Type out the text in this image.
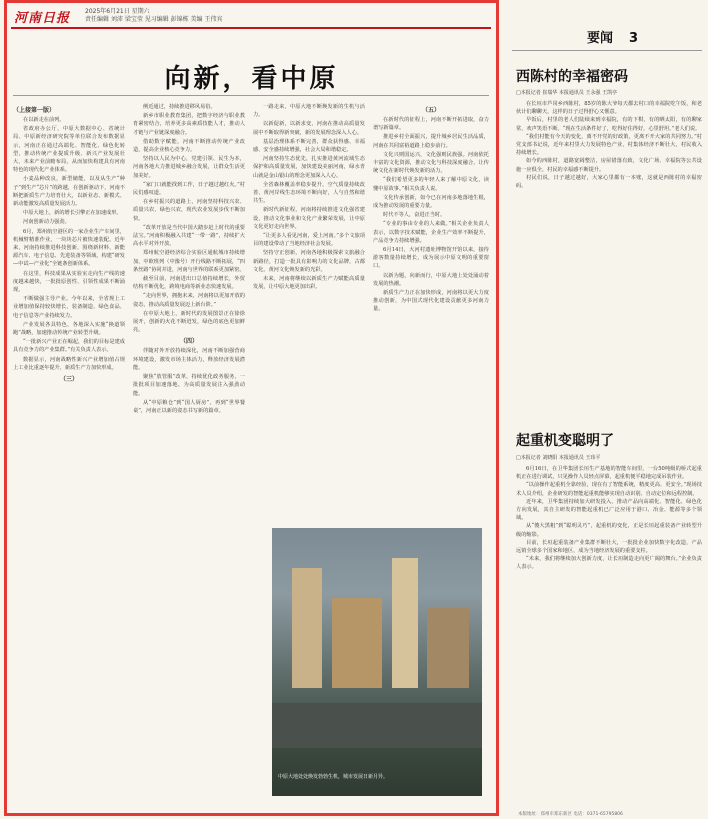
河南日报 2025年6月21日 星期六
责任编辑 刘沛 梁宝莹 见习编辑 彭锦栋 美编 王伟宾
向新，看中原
（上接第一版）

在以新走在前列。

省政府办公厅、中原大数据中心、省统计局、中原新经济研究院等单位联合发布数据显示，河南正在通过高端化、智能化、绿色化转型，推动传统产业提质升级、新兴产业发展壮大、未来产业前瞻布局，从而加快构建具有河南特色的现代化产业体系。

小麦品种改良，新型储能，以及从生产“种子”到生产“芯片”的跨越，在创新驱动下，河南不断把新质生产力培育壮大，以新业态、新模式、新动能激发高质量发展活力。

中原大地上，新的增长引擎正在加速成形。

河南创新动力强劲。

6月，郑州航空港区的一家企业生产车间里，机械臂精准作业，一块块芯片被快速装配。近年来，河南持续推进科技创新，围绕新材料、新能源汽车、电子信息、先进装备等领域，构建“研发—中试—产业化”全链条创新体系。

在这里，科技成果从实验室走向生产线的速度越来越快，一批批原创性、引领性成果不断涌现。

不断做强主导产业。今年以来，全省规上工业增加值保持较快增长，装备制造、绿色食品、电子信息等产业持续发力。

产业发展各具特色，各地深入实施“换道领跑”战略，加速推动传统产业转型升级。

“一批新兴产业正在崛起，我们的目标是建成具有竞争力的产业集群。”有关负责人表示。

数据显示，河南战略性新兴产业增加值占规上工业比重逐年提升，新质生产力加快形成。

（三）

例近通过，持续推进移风易俗。

新乡市职业教育集团，把数字经济与职业教育紧密结合，培养更多高素质技能人才，推动人才链与产业链深度融合。

借助数字赋能，河南不断推动传统产业改造，提高企业核心竞争力。

坚持以人民为中心，党建引领、民生为本，河南各地大力推进城乡融合发展，让群众生活更加美好。

“家门口就能找到工作，日子越过越红火。”村民们感叹道。

在乡村振兴的道路上，河南坚持科技兴农、质量兴农、绿色兴农，现代农业发展步伐不断加快。

“改革开放是当代中国大踏步赶上时代的重要法宝。”河南积极融入共建“一带一路”，持续扩大高水平对外开放。

郑州航空港经济综合实验区通航城市持续增加，中欧班列（中豫号）开行线路不断拓展，“四条丝路”协同并进，河南与世界的联系更加紧密。

截至目前，河南进出口总值持续增长，外贸结构不断优化，跨境电商等新业态快速发展。

“走向世界，拥抱未来，河南将以更加开放的姿态，推动高质量发展迈上新台阶。”

在中原大地上，新时代的发展图景正在徐徐展开，创新的火花不断迸发，绿色的底色更加鲜亮。

（四）

伴随对外开放持续深化，河南不断加强营商环境建设，激发市场主体活力，释放经济发展潜能。

聚焦“放管服”改革，持续优化政务服务，一批批项目加速落地，为高质量发展注入强劲动能。

从“中原粮仓”到“国人厨房”，再到“世界餐桌”，河南正以新的姿态书写新的篇章。

一路走来，中原大地不断焕发新的生机与活力。

以新促新，以新求变，河南在推动高质量发展中不断取得新突破，新的发展理念深入人心。

基层治理体系不断完善，群众获得感、幸福感、安全感持续增强，社会大局和谐稳定。

河南坚持生态优先，扎实推进黄河流域生态保护和高质量发展，加快建设美丽河南，绿水青山就是金山银山的理念更加深入人心。

全省森林覆盖率稳步提升，空气质量持续改善，黄河岸线生态环境不断向好，人与自然和谐共生。

新时代新征程，河南将持续推进文化强省建设，推动文化事业和文化产业繁荣发展，让中原文化更好走向世界。

“让更多人看见河南，爱上河南。”多个文旅项目的建设带动了当地经济社会发展。

坚持守正创新，河南各地积极探索文旅融合新路径，打造一批具有影响力的文化品牌，古都文化、黄河文化焕发新的光彩。

未来，河南将继续以新质生产力赋能高质量发展，让中原大地更加出彩。

（五）

在新时代的征程上，河南不断开拓进取，奋力谱写新篇章。

推进乡村全面振兴，提升城乡居民生活品质，河南在共同富裕道路上稳步前行。

文化兴则国运兴，文化强则民族强。河南依托丰富的文化资源，推动文化与科技深度融合，让传统文化在新时代焕发新的活力。

“我们希望更多的年轻人来了解中原文化，读懂中原故事。”相关负责人说。

文化传承创新，如今已在河南多地落地生根，成为推动发展的重要力量。

时代不等人，奋进正当时。

“专业的事由专业的人来做。”相关企业负责人表示，以数字技术赋能，企业生产效率不断提升，产品竞争力持续增强。

6月14日，大河村遗址博物馆开馆以来，接待游客数量持续增长，成为展示中原文明的重要窗口。

以新为题，向新而行，中原大地上处处涌动着发展的热潮。

新质生产力正在加快形成，河南将以更大力度推动创新，为中国式现代化建设贡献更多河南力量。

中原大地处处焕发勃勃生机，城市发展日新月异。
要闻 3
西陈村的幸福密码
□本报记者 崔瑞华 本报通讯员 王永强 王凯亭

在长垣市芦岗乡西陈村，85岁的陈大爷每天都去村口的幸福院吃午饭，和老伙计们聊聊天，这样的日子过得舒心又惬意。

早饭后，村里的老人们陆续来到幸福院，有的下棋，有的晒太阳，有的聊家常，欢声笑语不断。“现在生活条件好了，吃得好住得好，心里舒坦。”老人们说。

“我们村能有今天的变化，离不开党的好政策，更离不开大家的共同努力。”村党支部书记说，近年来村里大力发展特色产业，村集体经济不断壮大，村民收入持续增长。

如今的西陈村，道路宽阔整洁，房屋错落有致，文化广场、幸福院等公共设施一应俱全，村民的幸福感不断提升。

村民们说，日子越过越好，大家心里都有一本账，这就是西陈村的幸福密码。

起重机变聪明了
□本报记者 刘晓阳 本报通讯员 王玮平

6月16日，在卫华集团长垣生产基地的智能车间里，一台50吨级的桥式起重机正在进行调试，只见操作人员轻点屏幕，起重机便平稳地完成吊装作业。

“以前操作起重机全靠经验，现在有了智能系统，精度更高、更安全。”现场技术人员介绍，企业研发的智能起重机能够实现自动识别、自动定位和远程控制。

近年来，卫华集团持续加大研发投入，推动产品向高端化、智能化、绿色化方向发展，其自主研发的智能起重机已广泛应用于港口、冶金、能源等多个领域。

从“傻大黑粗”到“聪明灵巧”，起重机的变化，正是长垣起重装备产业转型升级的缩影。

目前，长垣起重装备产业集群不断壮大，一批批企业加快数字化改造，产品远销全球多个国家和地区，成为当地经济发展的重要支柱。

“未来，我们将继续加大创新力度，让长垣制造走向更广阔的舞台。”企业负责人表示。

本版地址：郑州市郑东新区 电话：0371-65795806
